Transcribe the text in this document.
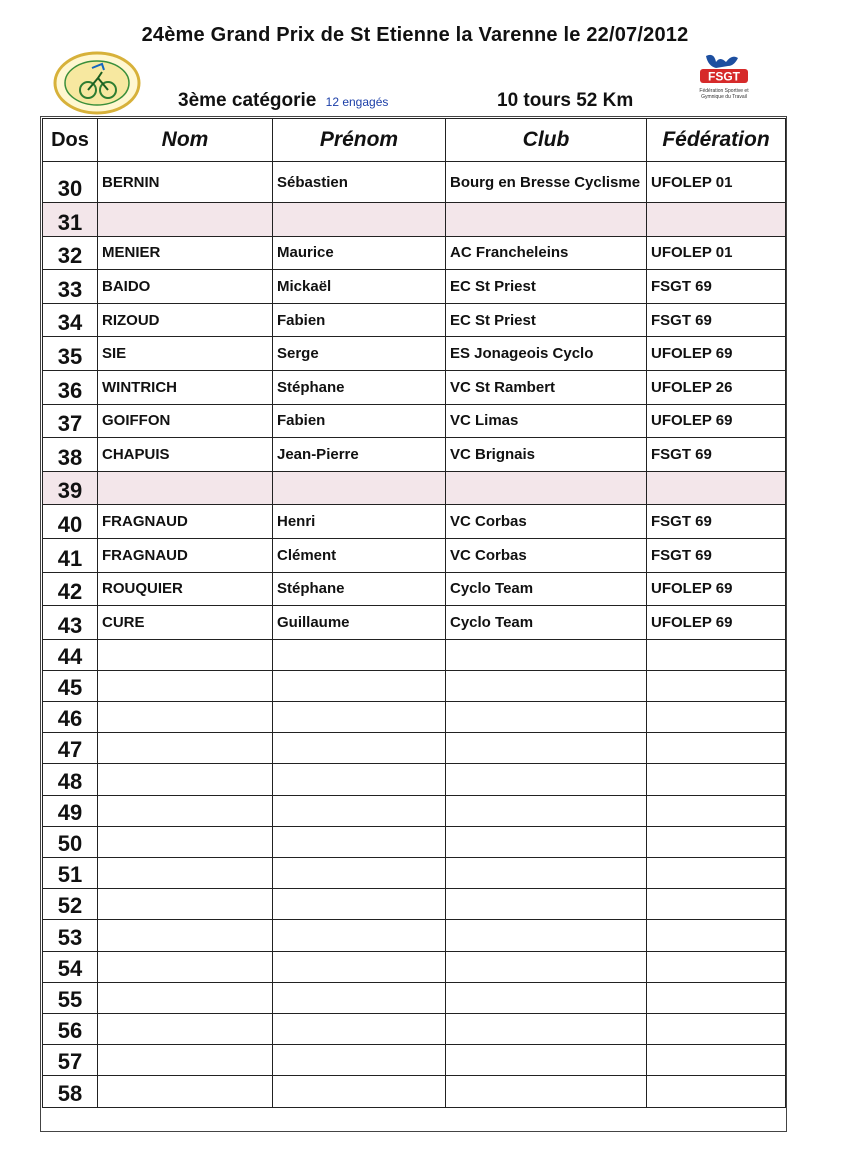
24ème Grand Prix de St Etienne la Varenne le 22/07/2012
FSGT
Fédération Sportive et Gymnique du Travail
3ème catégorie 12 engagés	10 tours 52 Km
Dos	Nom	Prénom	Club	Fédération
30	BERNIN	Sébastien	Bourg en Bresse Cyclisme	UFOLEP 01
31				
32	MENIER	Maurice	AC Francheleins	UFOLEP 01
33	BAIDO	Mickaël	EC St Priest	FSGT 69
34	RIZOUD	Fabien	EC St Priest	FSGT 69
35	SIE	Serge	ES Jonageois Cyclo	UFOLEP 69
36	WINTRICH	Stéphane	VC St Rambert	UFOLEP 26
37	GOIFFON	Fabien	VC Limas	UFOLEP 69
38	CHAPUIS	Jean-Pierre	VC Brignais	FSGT 69
39				
40	FRAGNAUD	Henri	VC Corbas	FSGT 69
41	FRAGNAUD	Clément	VC Corbas	FSGT 69
42	ROUQUIER	Stéphane	Cyclo Team	UFOLEP 69
43	CURE	Guillaume	Cyclo Team	UFOLEP 69
44				
45				
46				
47				
48				
49				
50				
51				
52				
53				
54				
55				
56				
57				
58				
